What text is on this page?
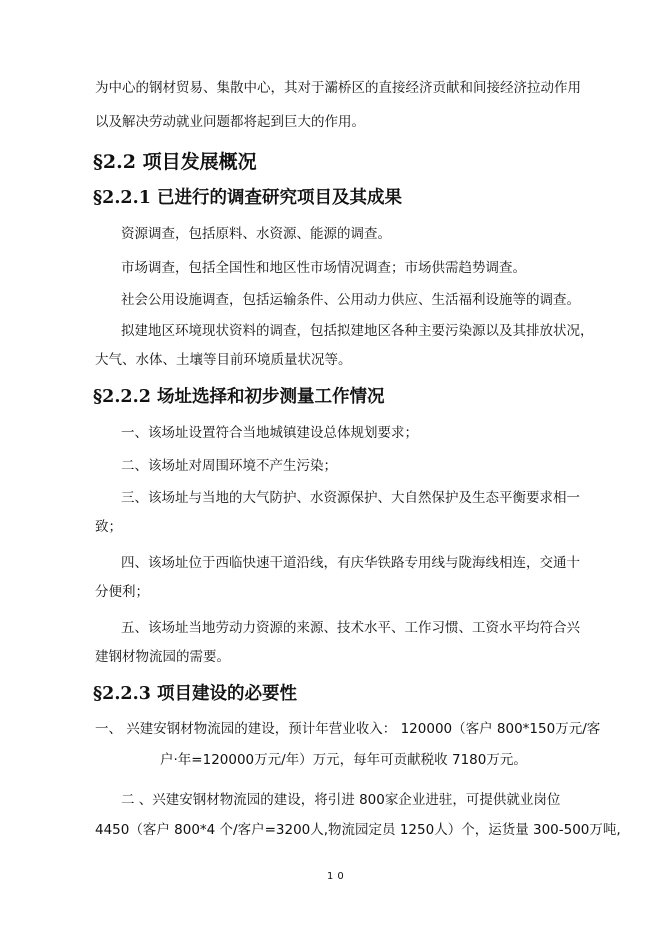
为中心的钢材贸易、集散中心，其对于灞桥区的直接经济贡献和间接经济拉动作用
以及解决劳动就业问题都将起到巨大的作用。
§2.2 项目发展概况
§2.2.1 已进行的调查研究项目及其成果
资源调查，包括原料、水资源、能源的调查。
市场调查，包括全国性和地区性市场情况调查；市场供需趋势调查。
社会公用设施调查，包括运输条件、公用动力供应、生活福利设施等的调查。
拟建地区环境现状资料的调查，包括拟建地区各种主要污染源以及其排放状况，
大气、水体、土壤等目前环境质量状况等。
§2.2.2 场址选择和初步测量工作情况
一、该场址设置符合当地城镇建设总体规划要求；
二、该场址对周围环境不产生污染；
三、该场址与当地的大气防护、水资源保护、大自然保护及生态平衡要求相一
致；
四、该场址位于西临快速干道沿线，有庆华铁路专用线与陇海线相连，交通十
分便利；
五、该场址当地劳动力资源的来源、技术水平、工作习惯、工资水平均符合兴
建钢材物流园的需要。
§2.2.3 项目建设的必要性
一、 兴建安钢材物流园的建设，预计年营业收入： 120000（客户 800*150万元/客
户·年=120000万元/年）万元，每年可贡献税收 7180万元。
二 、兴建安钢材物流园的建设，将引进 800家企业进驻，可提供就业岗位
4450（客户 800*4 个/客户=3200人,物流园定员 1250人）个，运货量 300-500万吨,
10
